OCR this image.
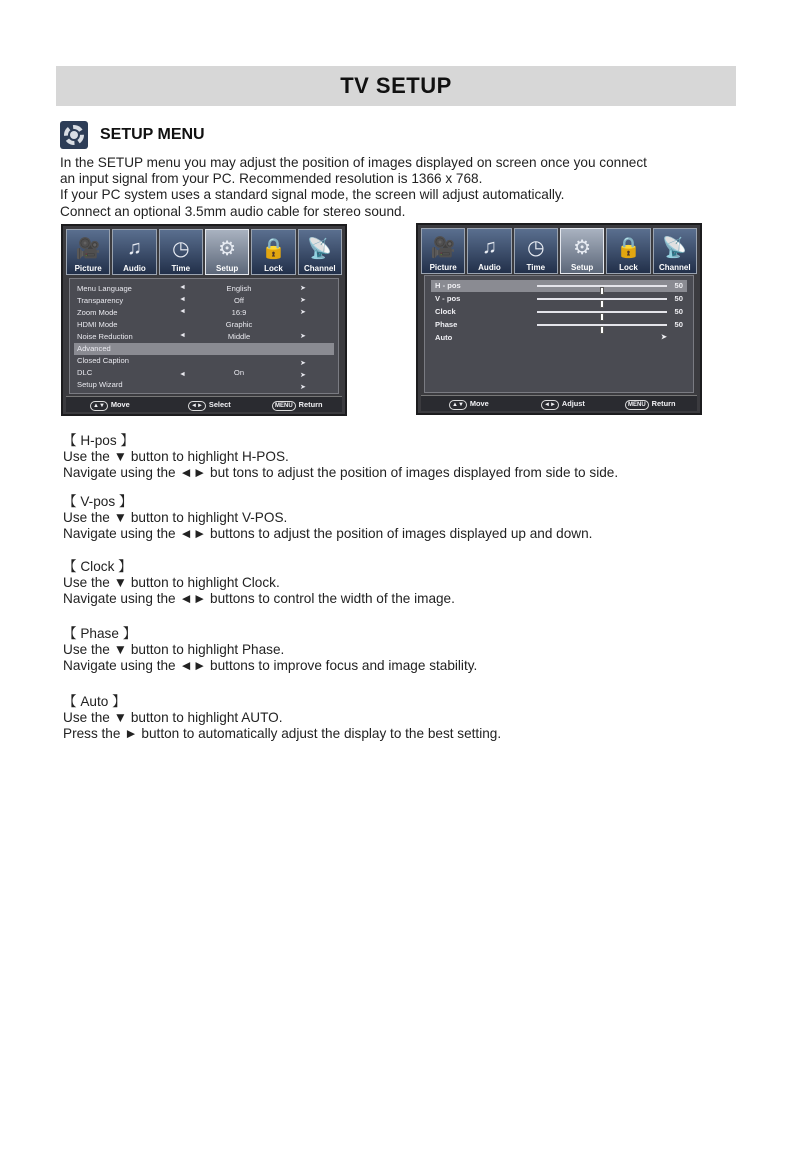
TV SETUP
SETUP MENU
In the SETUP menu you may adjust the position of images displayed on screen once you connect
an input signal from your PC. Recommended resolution is 1366 x 768.
If your PC system uses a standard signal mode, the screen will adjust automatically.
Connect an optional 3.5mm audio cable for stereo sound.
🎥
Picture
♫
Audio
◷
Time
⚙
Setup
🔒
Lock
📡
Channel
Menu Language	◄	English	➤
Transparency	◄	Off	➤
Zoom Mode	◄	16:9	➤
HDMI Mode	Graphic
Noise Reduction	◄	Middle	➤
Advanced
Closed Caption	➤
DLC	◄	On	➤
Setup Wizard	➤
▲▼ Move	◄► Select	MENU Return
🎥
Picture
♫
Audio
◷
Time
⚙
Setup
🔒
Lock
📡
Channel
H - pos	50
V - pos	50
Clock	50
Phase	50
Auto	➤
▲▼ Move	◄► Adjust	MENU Return
【 H-pos 】
Use the ▼ button to highlight H-POS.
Navigate using the ◄► but tons to adjust the position of images displayed from side to side.
【 V-pos 】
Use the ▼ button to highlight V-POS.
Navigate using the ◄► buttons to adjust the position of images displayed up and down.
【 Clock 】
Use the ▼ button to highlight Clock.
Navigate using the ◄► buttons to control the width of the image.
【 Phase 】
Use the ▼ button to highlight Phase.
Navigate using the ◄► buttons to improve focus and image stability.
【 Auto 】
Use the ▼ button to highlight AUTO.
Press the ► button to automatically adjust the display to the best setting.
